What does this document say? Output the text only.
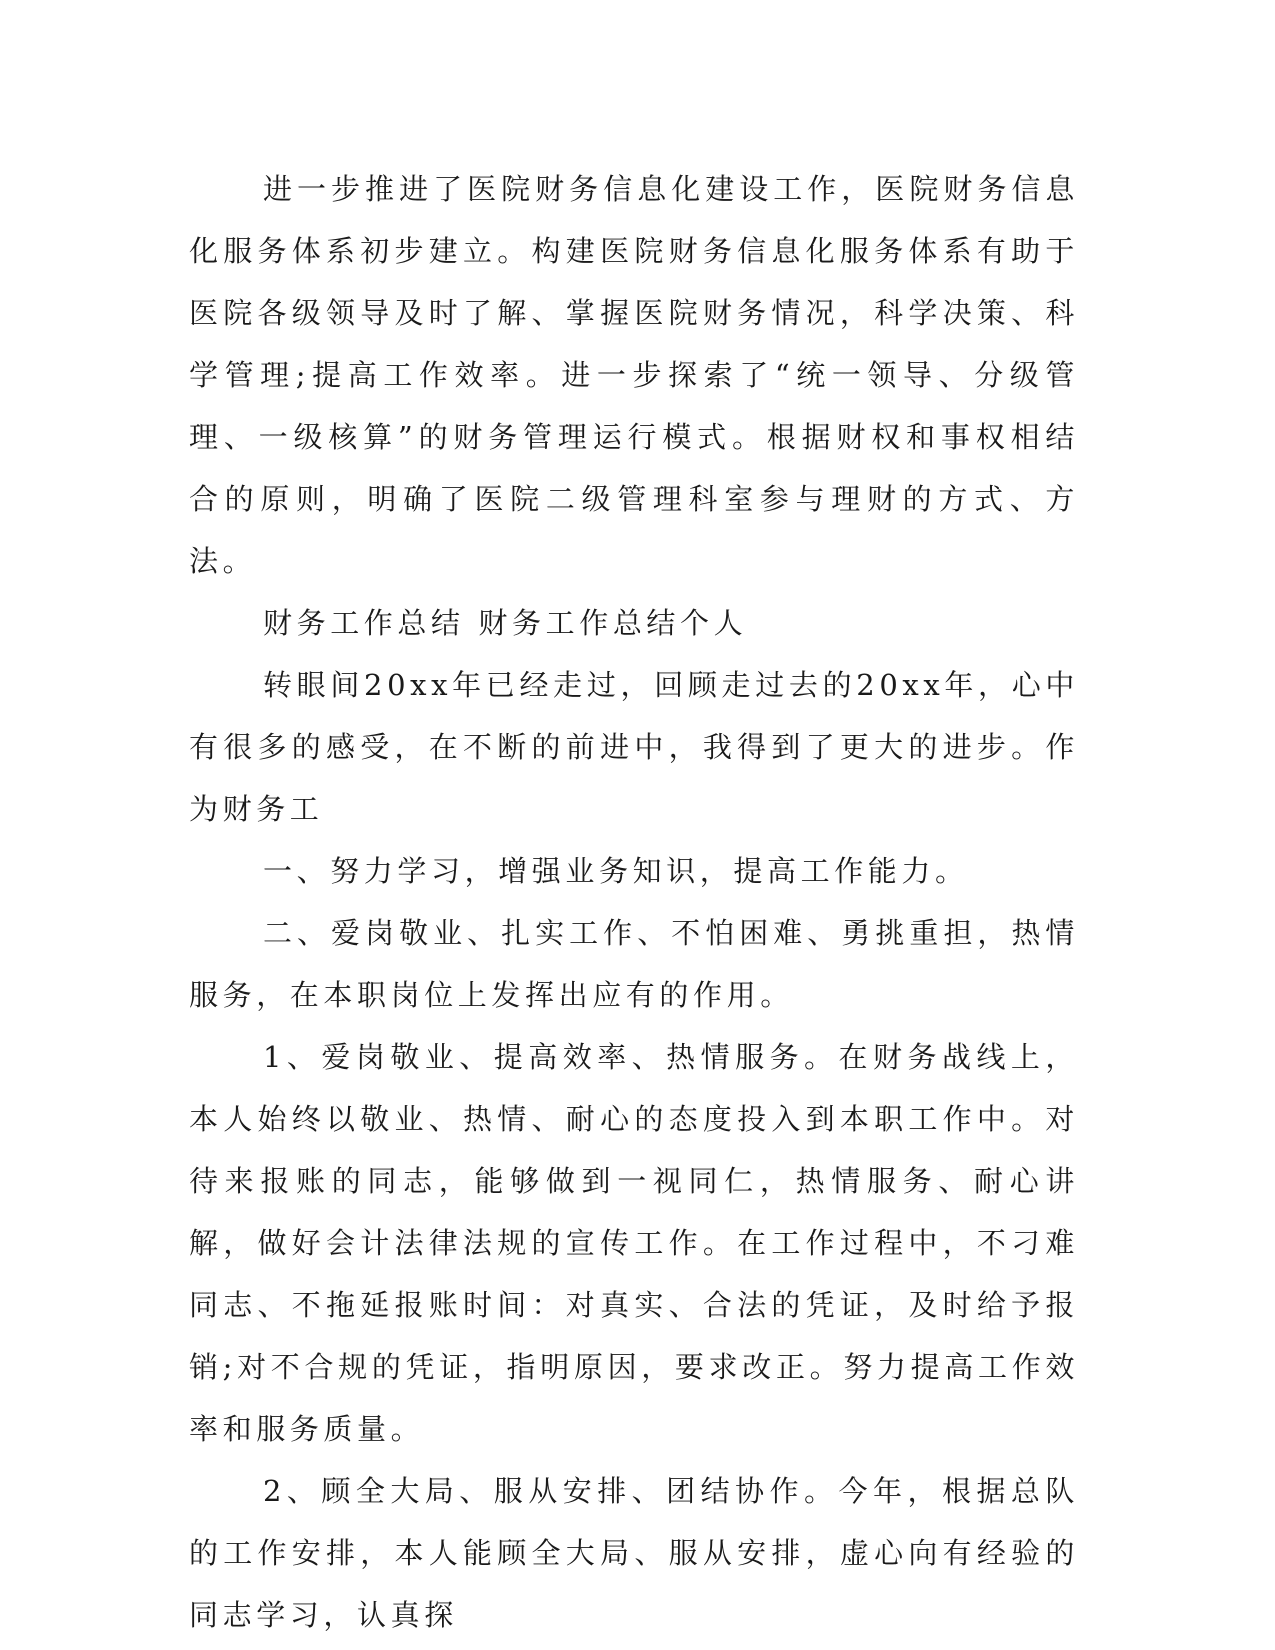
进一步推进了医院财务信息化建设工作，医院财务信息化服务体系初步建立。构建医院财务信息化服务体系有助于医院各级领导及时了解、掌握医院财务情况，科学决策、科学管理;提高工作效率。进一步探索了“统一领导、分级管理、一级核算”的财务管理运行模式。根据财权和事权相结合的原则，明确了医院二级管理科室参与理财的方式、方法。

财务工作总结 财务工作总结个人

转眼间20xx年已经走过，回顾走过去的20xx年，心中有很多的感受，在不断的前进中，我得到了更大的进步。作为财务工

一、努力学习，增强业务知识，提高工作能力。

二、爱岗敬业、扎实工作、不怕困难、勇挑重担，热情服务，在本职岗位上发挥出应有的作用。

1、爱岗敬业、提高效率、热情服务。在财务战线上，本人始终以敬业、热情、耐心的态度投入到本职工作中。对待来报账的同志，能够做到一视同仁，热情服务、耐心讲解，做好会计法律法规的宣传工作。在工作过程中，不刁难同志、不拖延报账时间：对真实、合法的凭证，及时给予报销;对不合规的凭证，指明原因，要求改正。努力提高工作效率和服务质量。

2、顾全大局、服从安排、团结协作。今年，根据总队的工作安排，本人能顾全大局、服从安排，虚心向有经验的同志学习，认真探
